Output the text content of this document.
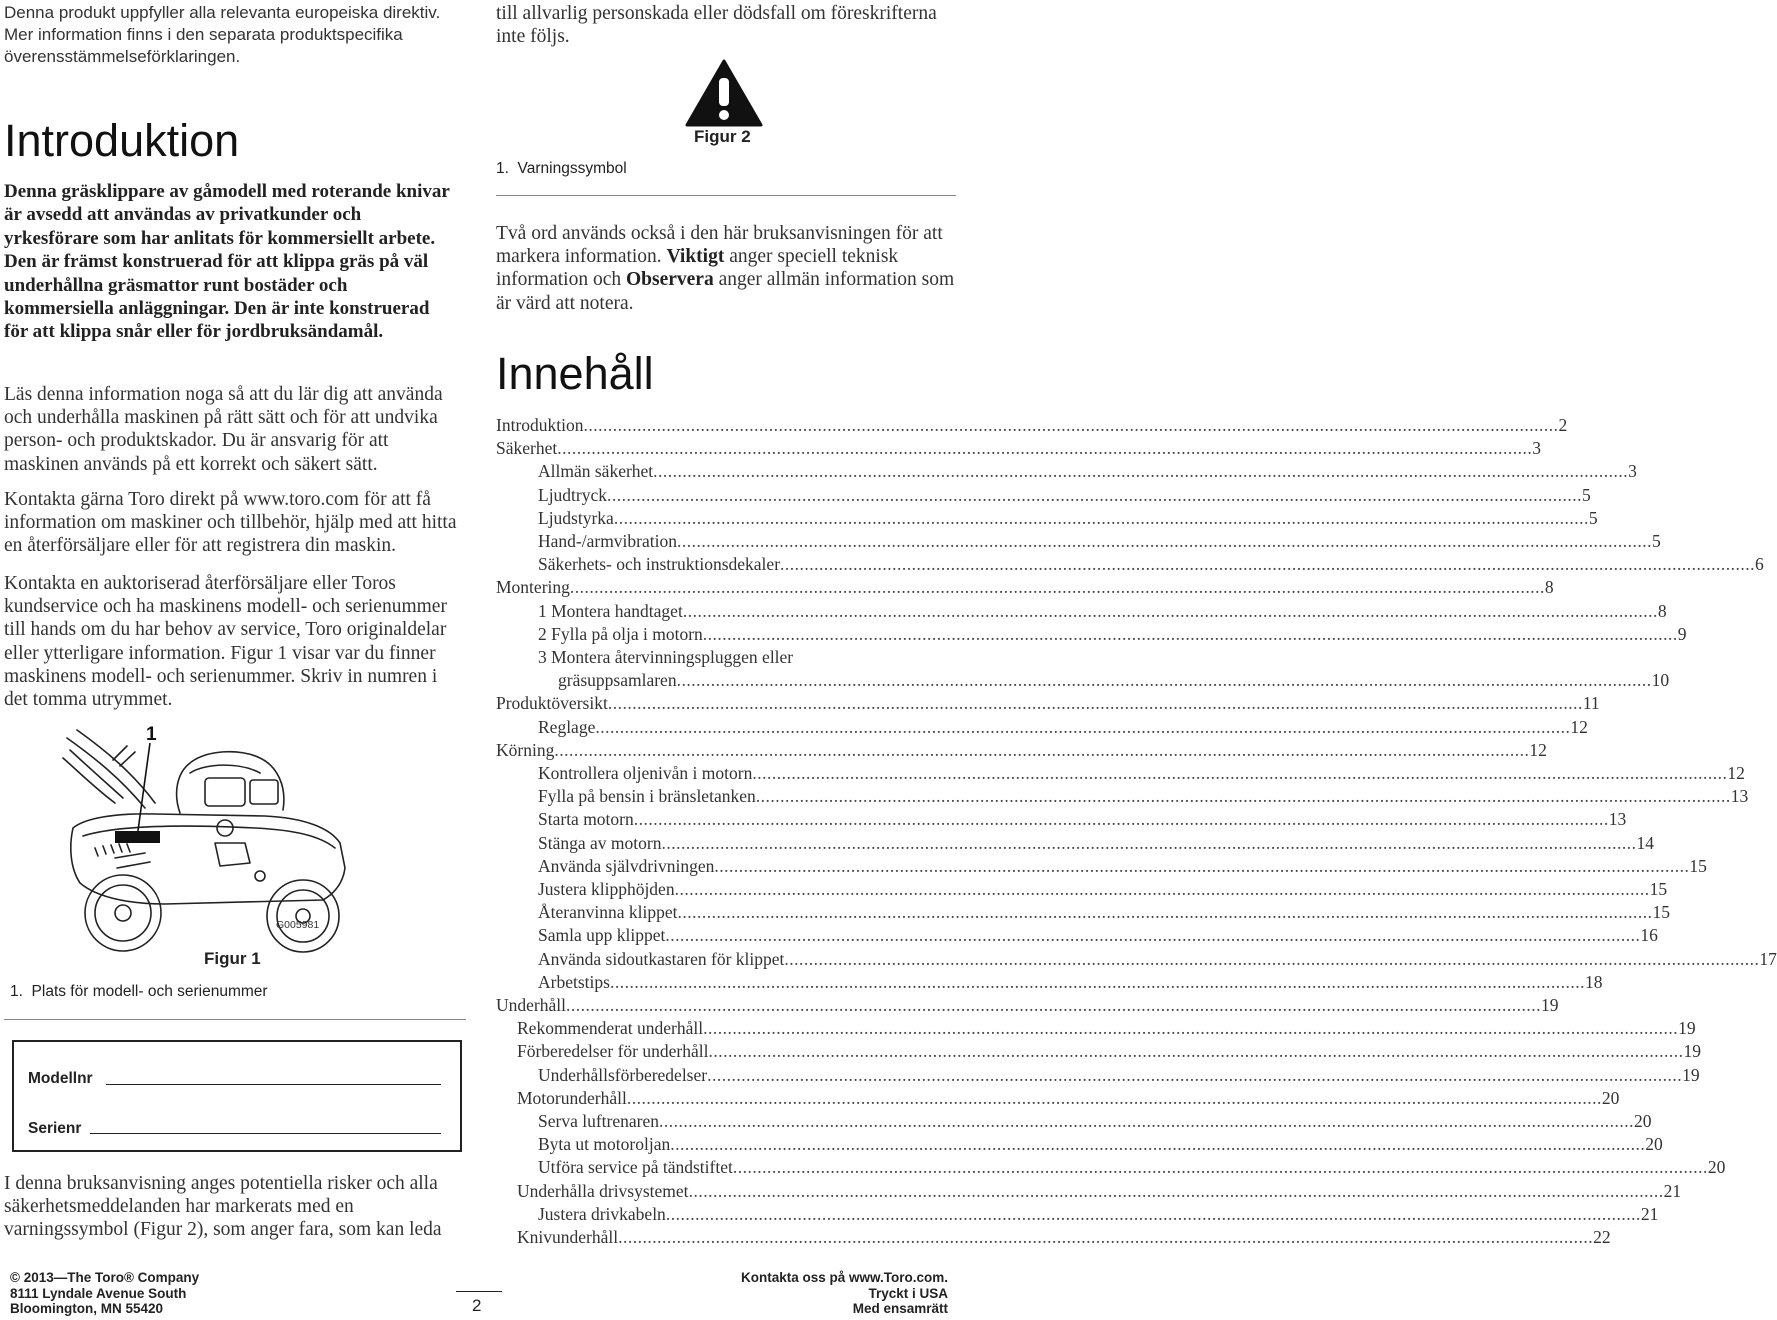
Denna produkt uppfyller alla relevanta europeiska direktiv. Mer information finns i den separata produktspecifika överensstämmelseförklaringen.
Introduktion
Denna gräsklippare av gåmodell med roterande knivar är avsedd att användas av privatkunder och yrkesförare som har anlitats för kommersiellt arbete. Den är främst konstruerad för att klippa gräs på väl underhållna gräsmattor runt bostäder och kommersiella anläggningar. Den är inte konstruerad för att klippa snår eller för jordbruksändamål.
Läs denna information noga så att du lär dig att använda och underhålla maskinen på rätt sätt och för att undvika person- och produktskador. Du är ansvarig för att maskinen används på ett korrekt och säkert sätt.
Kontakta gärna Toro direkt på www.toro.com för att få information om maskiner och tillbehör, hjälp med att hitta en återförsäljare eller för att registrera din maskin.
Kontakta en auktoriserad återförsäljare eller Toros kundservice och ha maskinens modell- och serienummer till hands om du har behov av service, Toro originaldelar eller ytterligare information. Figur 1 visar var du finner maskinens modell- och serienummer. Skriv in numren i det tomma utrymmet.
1
G005981
Figur 1
1.  Plats för modell- och serienummer
Modellnr
Serienr
I denna bruksanvisning anges potentiella risker och alla säkerhetsmeddelanden har markerats med en varningssymbol (Figur 2), som anger fara, som kan leda
till allvarlig personskada eller dödsfall om föreskrifterna inte följs.
Figur 2
1.  Varningssymbol
Två ord används också i den här bruksanvisningen för att markera information. Viktigt anger speciell teknisk information och Observera anger allmän information som är värd att notera.
Innehåll
Introduktion ........................................................................................................................................................................................................ 2
Säkerhet ........................................................................................................................................................................................................ 3
Allmän säkerhet ........................................................................................................................................................................................................ 3
Ljudtryck ........................................................................................................................................................................................................ 5
Ljudstyrka ........................................................................................................................................................................................................ 5
Hand-/armvibration ........................................................................................................................................................................................................ 5
Säkerhets- och instruktionsdekaler ........................................................................................................................................................................................................ 6
Montering ........................................................................................................................................................................................................ 8
1 Montera handtaget ........................................................................................................................................................................................................ 8
2 Fylla på olja i motorn ........................................................................................................................................................................................................ 9
3 Montera återvinningspluggen eller
gräsuppsamlaren ........................................................................................................................................................................................................ 10
Produktöversikt ........................................................................................................................................................................................................ 11
Reglage ........................................................................................................................................................................................................ 12
Körning ........................................................................................................................................................................................................ 12
Kontrollera oljenivån i motorn ........................................................................................................................................................................................................ 12
Fylla på bensin i bränsletanken ........................................................................................................................................................................................................ 13
Starta motorn ........................................................................................................................................................................................................ 13
Stänga av motorn ........................................................................................................................................................................................................ 14
Använda självdrivningen ........................................................................................................................................................................................................ 15
Justera klipphöjden ........................................................................................................................................................................................................ 15
Återanvinna klippet ........................................................................................................................................................................................................ 15
Samla upp klippet ........................................................................................................................................................................................................ 16
Använda sidoutkastaren för klippet ........................................................................................................................................................................................................ 17
Arbetstips ........................................................................................................................................................................................................ 18
Underhåll ........................................................................................................................................................................................................ 19
Rekommenderat underhåll ........................................................................................................................................................................................................ 19
Förberedelser för underhåll ........................................................................................................................................................................................................ 19
Underhållsförberedelser ........................................................................................................................................................................................................ 19
Motorunderhåll ........................................................................................................................................................................................................ 20
Serva luftrenaren ........................................................................................................................................................................................................ 20
Byta ut motoroljan ........................................................................................................................................................................................................ 20
Utföra service på tändstiftet ........................................................................................................................................................................................................ 20
Underhålla drivsystemet ........................................................................................................................................................................................................ 21
Justera drivkabeln ........................................................................................................................................................................................................ 21
Knivunderhåll ........................................................................................................................................................................................................ 22
© 2013—The Toro® Company
8111 Lyndale Avenue South
Bloomington, MN 55420	2
Kontakta oss på www.Toro.com.
Tryckt i USA
Med ensamrätt
